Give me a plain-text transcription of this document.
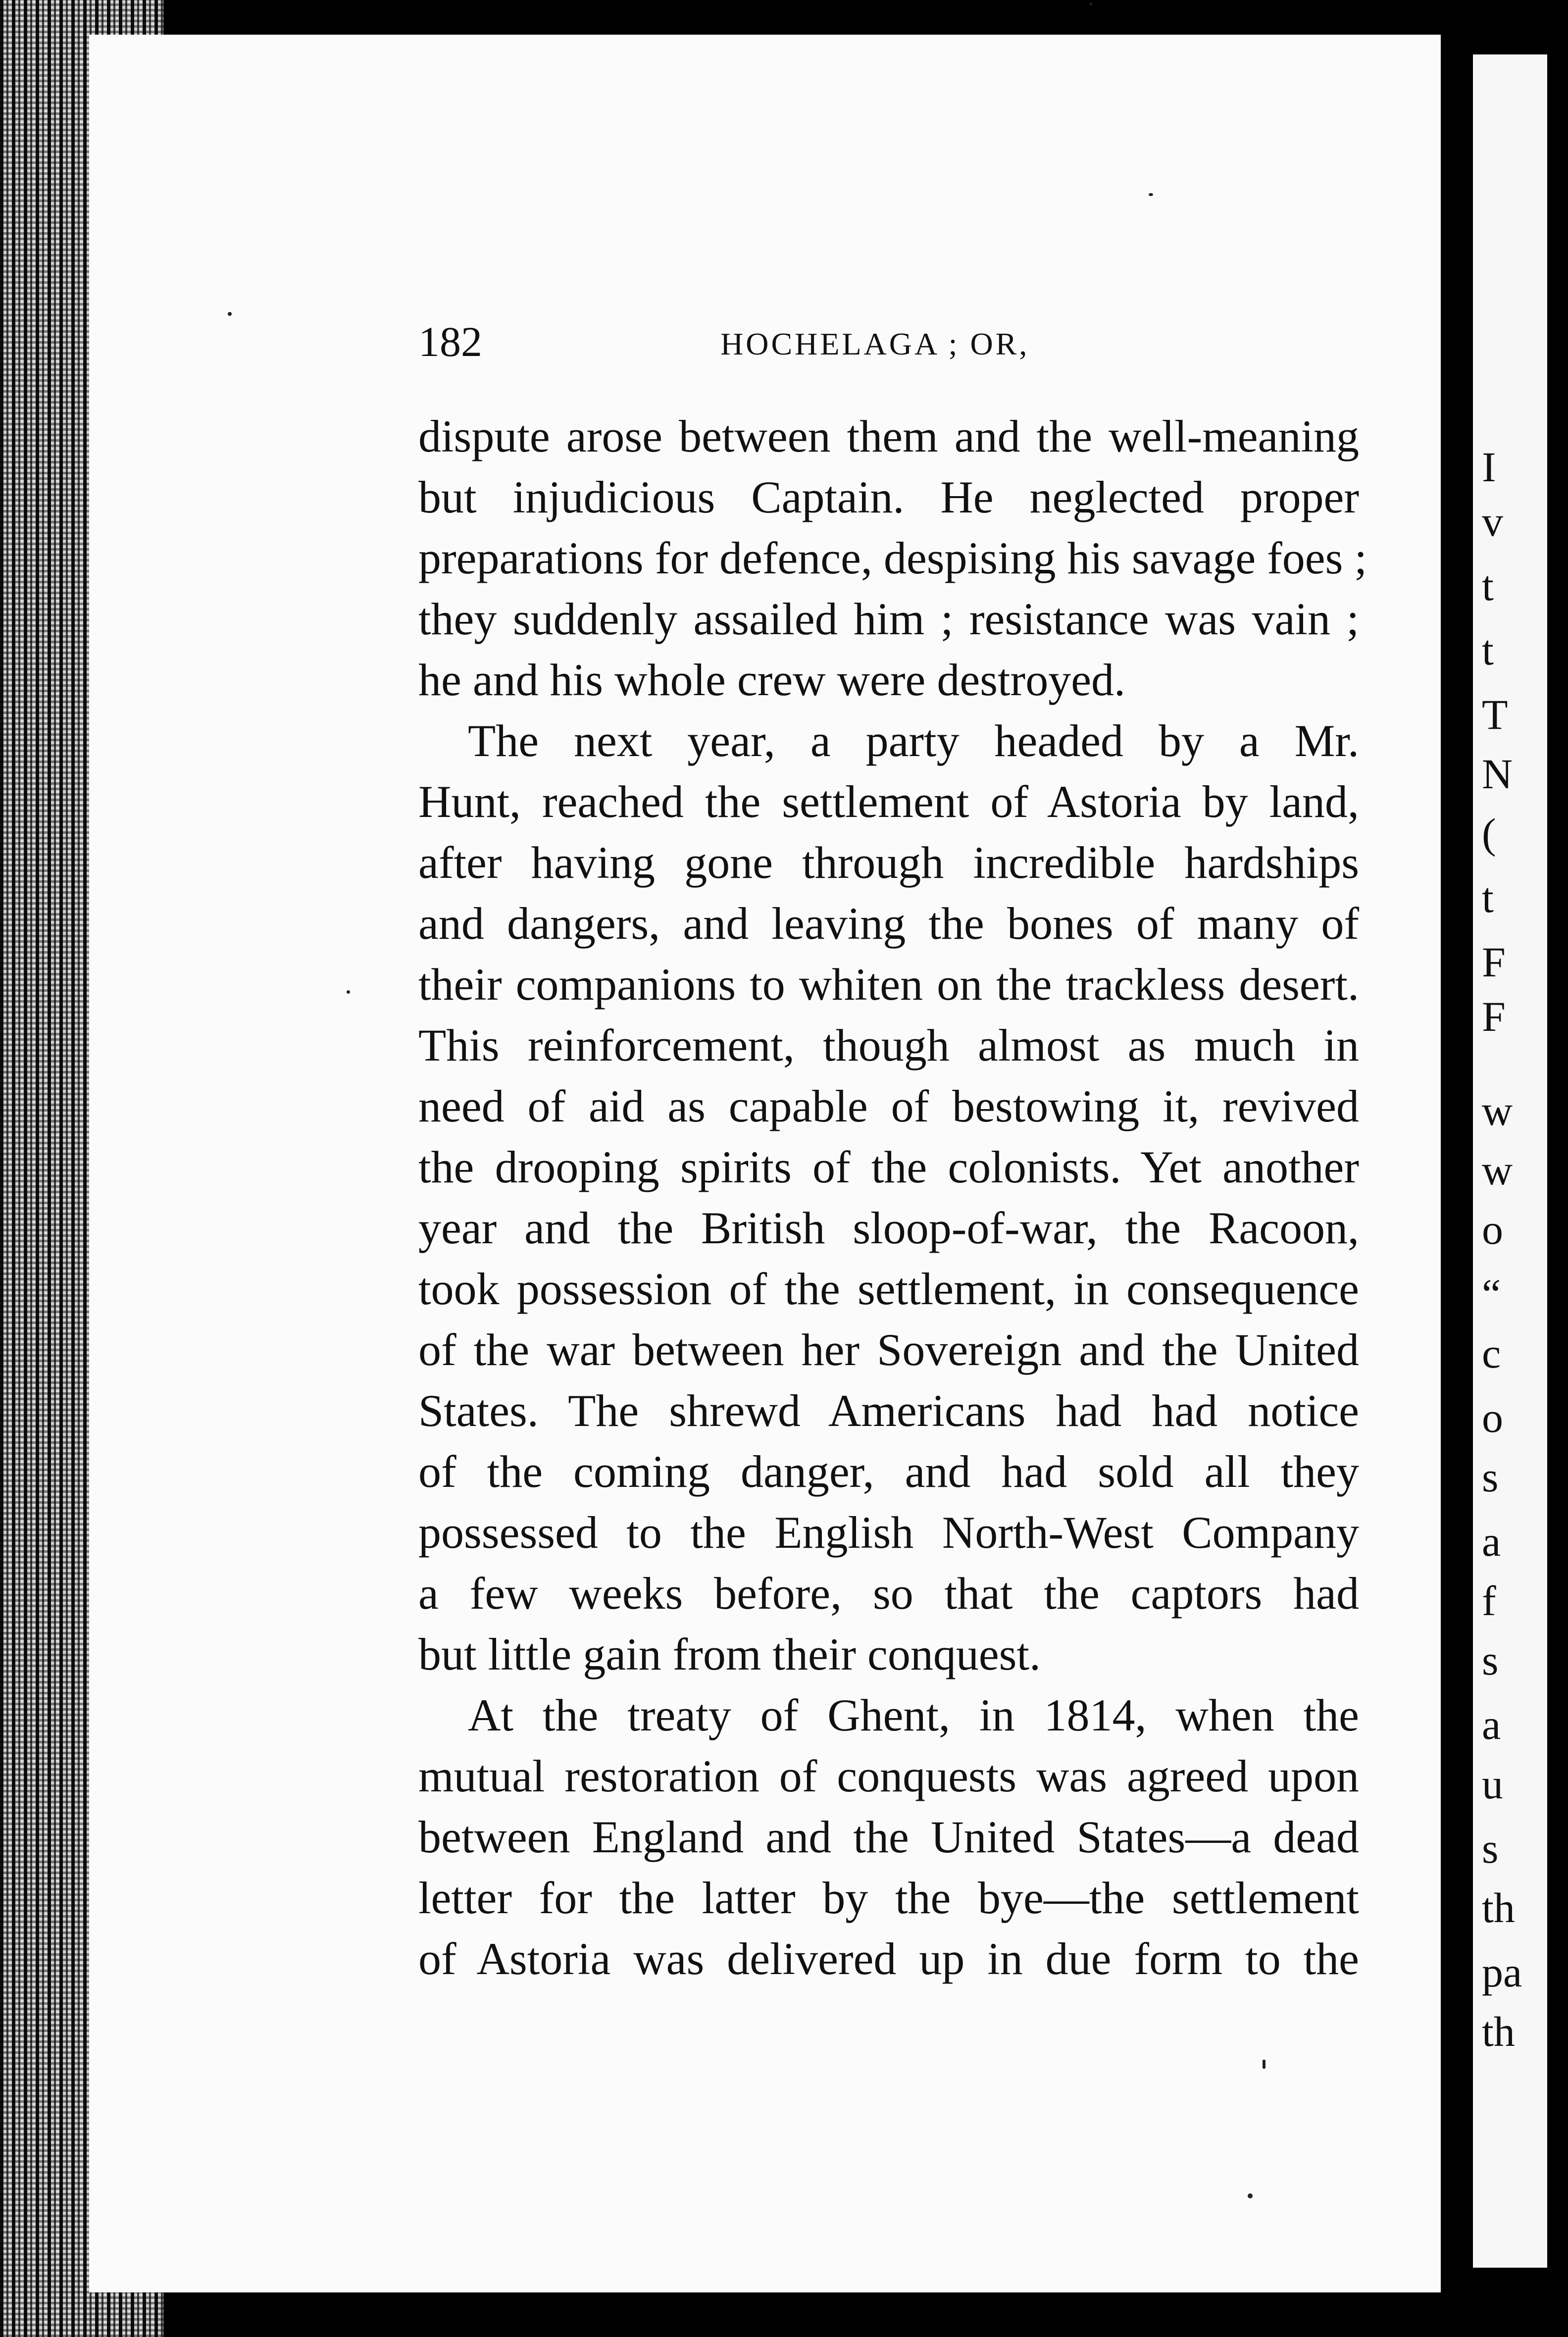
182	HOCHELAGA ; OR,
dispute arose between them and the well-meaning
but injudicious Captain. He neglected proper
preparations for defence, despising his savage foes ;
they suddenly assailed him ; resistance was vain ;
he and his whole crew were destroyed.
The next year, a party headed by a Mr.
Hunt, reached the settlement of Astoria by land,
after having gone through incredible hardships
and dangers, and leaving the bones of many of
their companions to whiten on the trackless desert.
This reinforcement, though almost as much in
need of aid as capable of bestowing it, revived
the drooping spirits of the colonists. Yet another
year and the British sloop-of-war, the Racoon,
took possession of the settlement, in consequence
of the war between her Sovereign and the United
States. The shrewd Americans had had notice
of the coming danger, and had sold all they
possessed to the English North-West Company
a few weeks before, so that the captors had
but little gain from their conquest.
At the treaty of Ghent, in 1814, when the
mutual restoration of conquests was agreed upon
between England and the United States—a dead
letter for the latter by the bye—the settlement
of Astoria was delivered up in due form to the
I
v
t
t
T
N
(
t
F
F
w
w
o
“
c
o
s
a
f
s
a
u
s
th
pa
th
